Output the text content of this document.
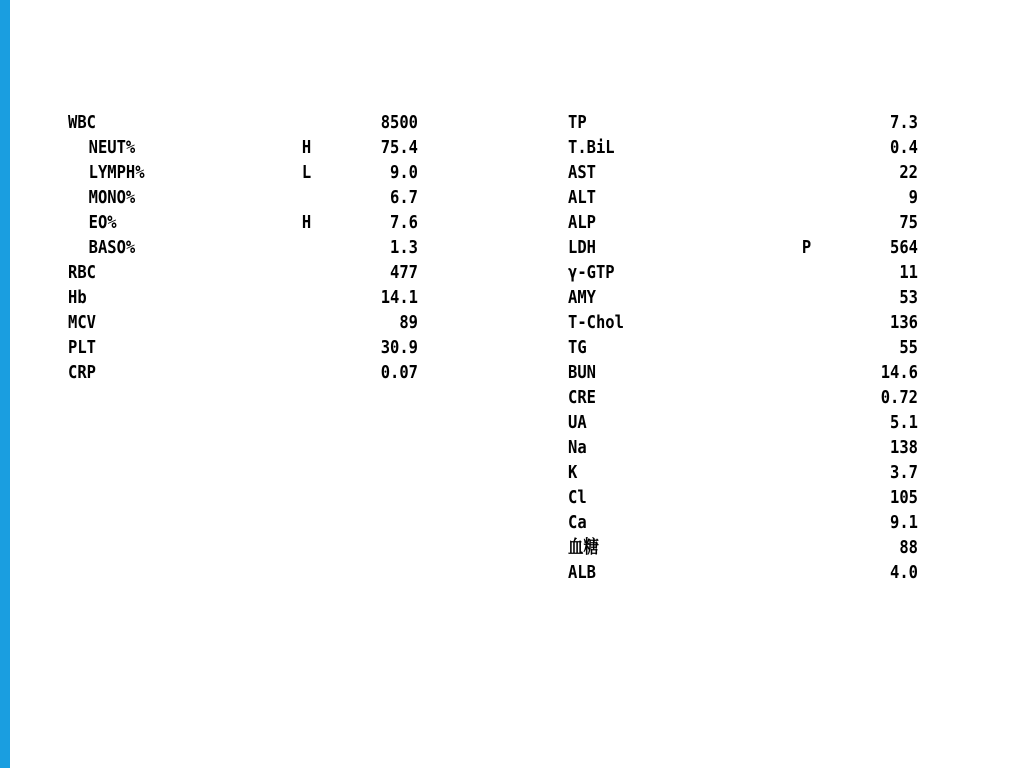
WBC	8500
NEUT%	H	75.4
LYMPH%	L	9.0
MONO%	6.7
EO%	H	7.6
BASO%	1.3
RBC	477
Hb	14.1
MCV	89
PLT	30.9
CRP	0.07
TP	7.3
T.BiL	0.4
AST	22
ALT	9
ALP	75
LDH	P	564
γ-GTP	11
AMY	53
T-Chol	136
TG	55
BUN	14.6
CRE	0.72
UA	5.1
Na	138
K	3.7
Cl	105
Ca	9.1
血糖	88
ALB	4.0
